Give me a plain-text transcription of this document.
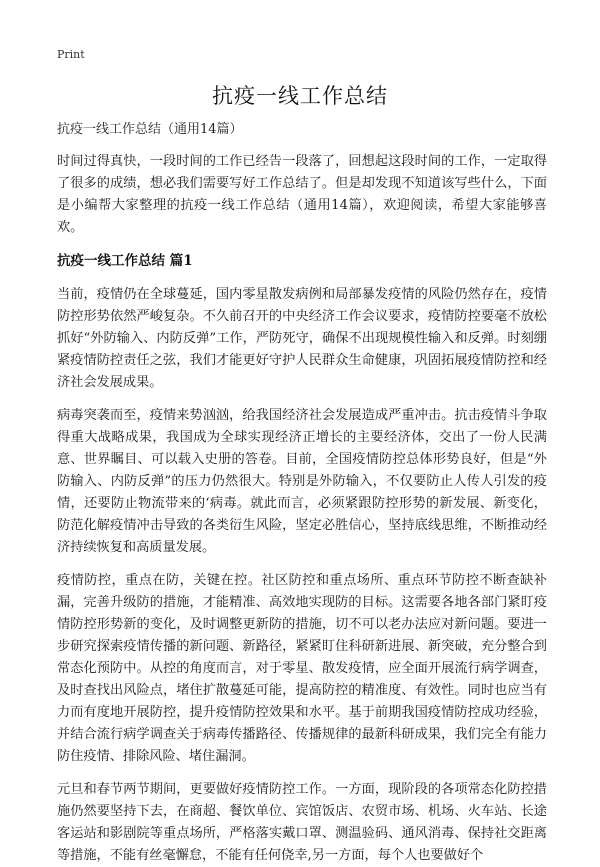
Print
抗疫一线工作总结

抗疫一线工作总结（通用14篇）

时间过得真快，一段时间的工作已经告一段落了，回想起这段时间的工作，一定取得了很多的成绩，想必我们需要写好工作总结了。但是却发现不知道该写些什么，下面是小编帮大家整理的抗疫一线工作总结（通用14篇），欢迎阅读，希望大家能够喜欢。

抗疫一线工作总结 篇1

当前，疫情仍在全球蔓延，国内零星散发病例和局部暴发疫情的风险仍然存在，疫情防控形势依然严峻复杂。不久前召开的中央经济工作会议要求，疫情防控要毫不放松抓好“外防输入、内防反弹”工作，严防死守，确保不出现规模性输入和反弹。时刻绷紧疫情防控责任之弦，我们才能更好守护人民群众生命健康，巩固拓展疫情防控和经济社会发展成果。

病毒突袭而至，疫情来势汹汹，给我国经济社会发展造成严重冲击。抗击疫情斗争取得重大战略成果，我国成为全球实现经济正增长的主要经济体，交出了一份人民满意、世界瞩目、可以载入史册的答卷。目前，全国疫情防控总体形势良好，但是“外防输入、内防反弹”的压力仍然很大。特别是外防输入，不仅要防止人传人引发的疫情，还要防止物流带来的‘病毒。就此而言，必须紧跟防控形势的新发展、新变化，防范化解疫情冲击导致的各类衍生风险，坚定必胜信心，坚持底线思维，不断推动经济持续恢复和高质量发展。

疫情防控，重点在防，关键在控。社区防控和重点场所、重点环节防控不断查缺补漏，完善升级防的措施，才能精准、高效地实现防的目标。这需要各地各部门紧盯疫情防控形势新的变化，及时调整更新防的措施，切不可以老办法应对新问题。要进一步研究探索疫情传播的新问题、新路径，紧紧盯住科研新进展、新突破，充分整合到常态化预防中。从控的角度而言，对于零星、散发疫情，应全面开展流行病学调查，及时查找出风险点，堵住扩散蔓延可能，提高防控的精准度、有效性。同时也应当有力而有度地开展防控，提升疫情防控效果和水平。基于前期我国疫情防控成功经验，并结合流行病学调查关于病毒传播路径、传播规律的最新科研成果，我们完全有能力防住疫情、排除风险、堵住漏洞。

元旦和春节两节期间，更要做好疫情防控工作。一方面，现阶段的各项常态化防控措施仍然要坚持下去，在商超、餐饮单位、宾馆饭店、农贸市场、机场、火车站、长途客运站和影剧院等重点场所，严格落实戴口罩、测温验码、通风消毒、保持社交距离等措施，不能有丝毫懈怠，不能有任何侥幸,另一方面，每个人也要做好个
